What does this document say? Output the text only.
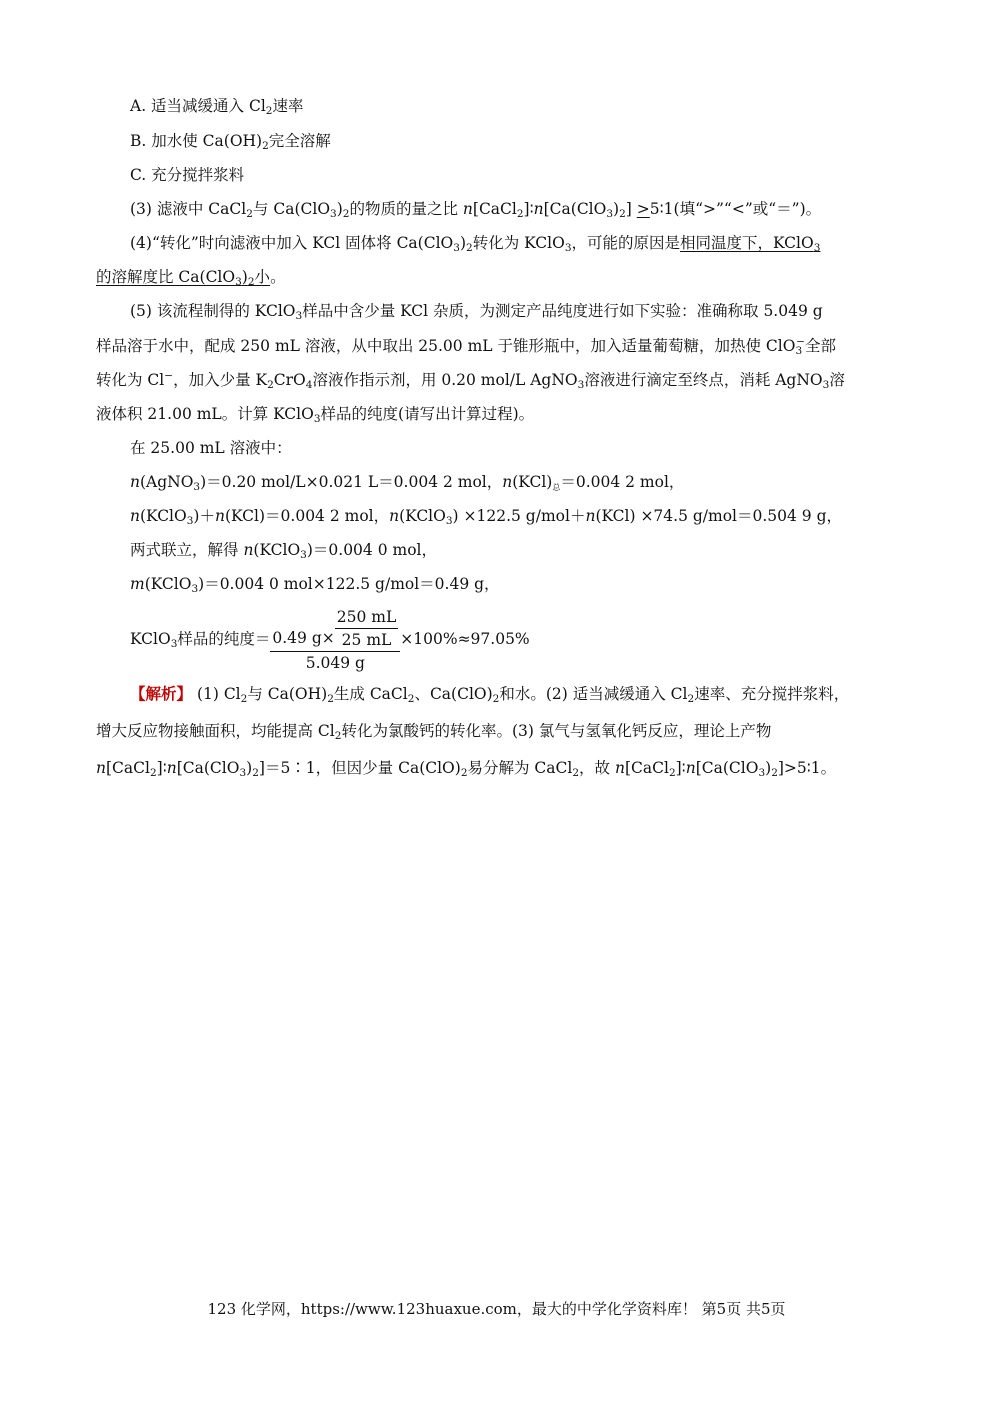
A. 适当减缓通入 $Cl_2$速率
B. 加水使 $Ca(OH)_2$完全溶解
C. 充分搅拌浆料
(3) 滤液中 CaCl$_2$与 $Ca(ClO_3)_2$的物质的量之比 $n[CaCl_2]∶n[Ca(ClO_3)_2]$ >5∶1(填“>”“<”或“＝”)。
(4)“转化”时向滤液中加入 KCl 固体将 $Ca(ClO_3)_2$转化为 KClO$_3$，可能的原因是相同温度下，KClO$_3$
的溶解度比 $Ca(ClO_3)_2$小。
(5) 该流程制得的 KClO$_3$样品中含少量 KCl 杂质，为测定产品纯度进行如下实验：准确称取 5.049 g
样品溶于水中，配成 250 mL 溶液，从中取出 25.00 mL 于锥形瓶中，加入适量葡萄糖，加热使 ClO$_3$−全部
转化为 Cl−，加入少量 $K_2CrO_4$溶液作指示剂，用 0.20 mol/L AgNO$_3$溶液进行滴定至终点，消耗 AgNO$_3$溶
液体积 21.00 mL。计算 KClO$_3$样品的纯度(请写出计算过程)。
在 25.00 mL 溶液中：
n(AgNO$_3$)＝0.20 mol/L×0.021 L＝0.004 2 mol，$n(KCl)_总=0.004$ 2 mol，
n(KClO$_3$)＋n(KCl)＝0.004 2 mol，n(KClO$_3$) ×122.5 g/mol＋n(KCl) ×74.5 g/mol＝0.504 9 g，
两式联立，解得 n(KClO$_3$)＝0.004 0 mol，
m(KClO$_3$)＝0.004 0 mol×122.5 g/mol＝0.49 g，
KClO$_3$样品的纯度＝ $\frac{0.49 g\times \frac{250 mL}{25 mL}}{5.049 g} \times 100\%\approx 97.05\%$
【解析】 (1) $Cl_2$与 $Ca(OH)_2$生成 CaCl$_2$、$Ca(ClO)_2$和水。(2) 适当减缓通入 $Cl_2$速率、充分搅拌浆料，
增大反应物接触面积，均能提高 $Cl_2$转化为氯酸钙的转化率。(3) 氯气与氢氧化钙反应，理论上产物
$n[CaCl_2]∶n[Ca(ClO_3)_2]=5∶1$，但因少量 $Ca(ClO)_2$易分解为 CaCl$_2$，故 $n[CaCl_2]∶n[Ca(ClO_3)_2]>5∶1$。
123 化学网，https://www.123huaxue.com，最大的中学化学资料库！ 第5页 共5页
